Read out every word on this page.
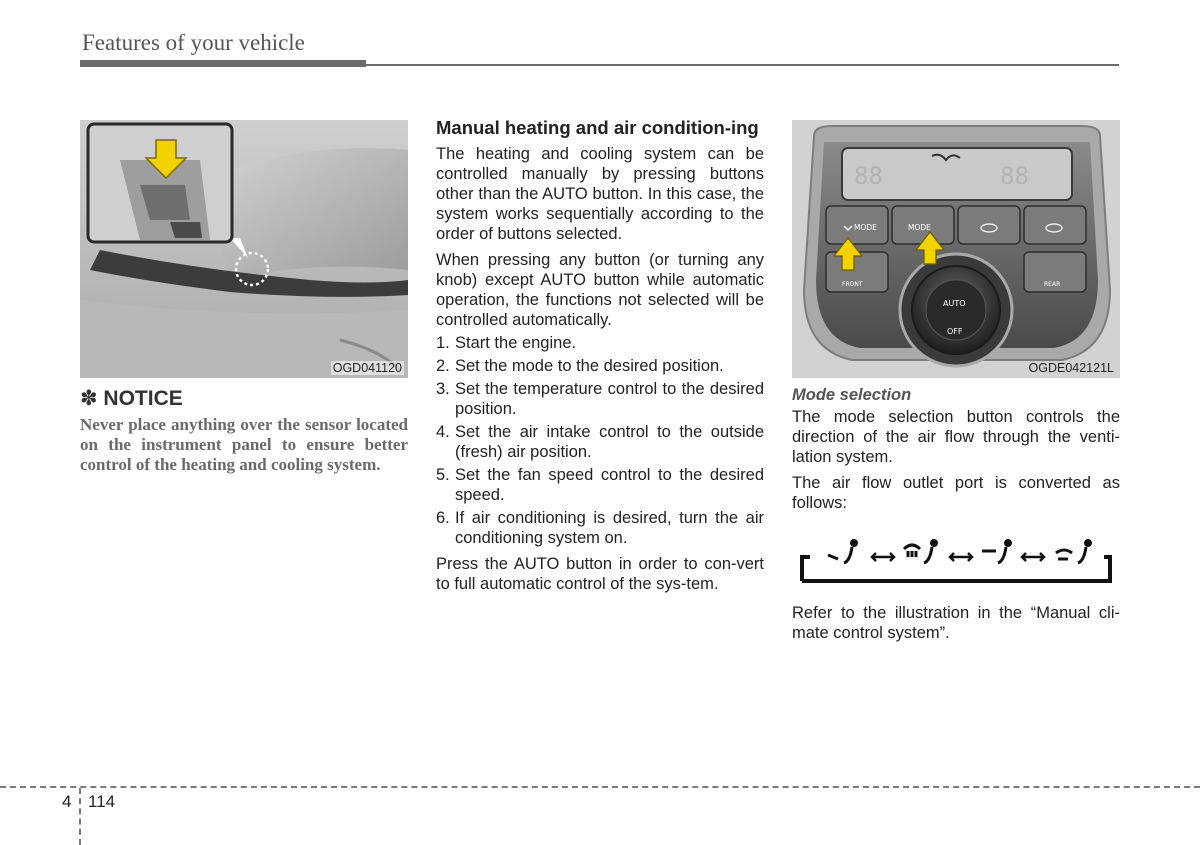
Features of your vehicle
OGD041120
✽ NOTICE
Never place anything over the sensor located on the instrument panel to ensure better control of the heating and cooling system.
Manual heating and air condition-ing
The heating and cooling system can be controlled manually by pressing buttons other than the AUTO button. In this case, the system works sequentially according to the order of buttons selected.
When pressing any button (or turning any knob) except AUTO button while automatic operation, the functions not selected will be controlled automatically.
1. Start the engine.
2. Set the mode to the desired position.
3. Set the temperature control to the desired position.
4. Set the air intake control to the outside (fresh) air position.
5. Set the fan speed control to the desired speed.
6. If air conditioning is desired, turn the air conditioning system on.
Press the AUTO button in order to con-vert to full automatic control of the sys-tem.
88	88
MODE	MODE
FRONT	REAR
AUTO
OFF
OGDE042121L
Mode selection
The mode selection button controls the direction of the air flow through the venti-lation system.
The air flow outlet port is converted as follows:
Refer to the illustration in the “Manual cli-mate control system”.
4 114
